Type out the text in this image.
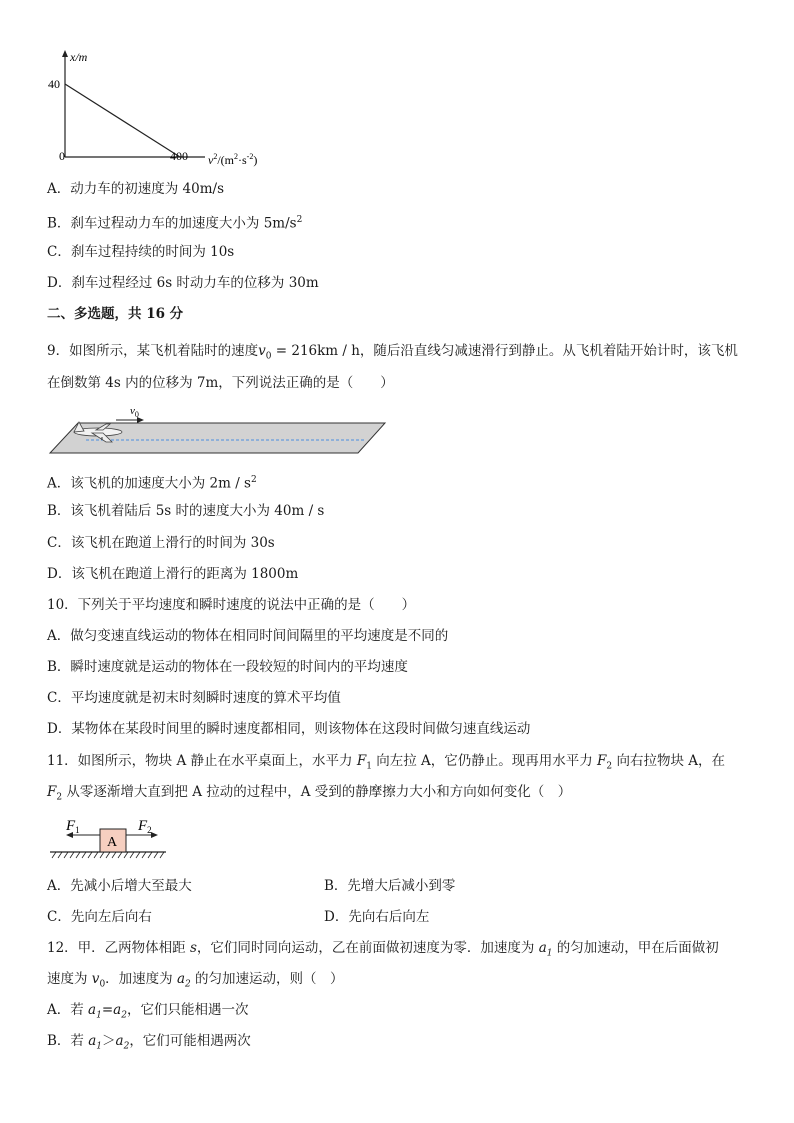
x/m
40
0	400 $v^2/(m^2\cdot s^{-2})$
A．动力车的初速度为 40m/s
B．刹车过程动力车的加速度大小为 $5m/s^2$
C．刹车过程持续的时间为 10s
D．刹车过程经过 6s 时动力车的位移为 30m
二、多选题，共 16 分
9．如图所示，某飞机着陆时的速度$v_0 = 216km / h$，随后沿直线匀减速滑行到静止。从飞机着陆开始计时，该飞机
在倒数第 4s 内的位移为 7m，下列说法正确的是（　　）
$v_0$
A．该飞机的加速度大小为 $2m / s^2$
B．该飞机着陆后 5s 时的速度大小为 40m / s
C．该飞机在跑道上滑行的时间为 30s
D．该飞机在跑道上滑行的距离为 1800m
10．下列关于平均速度和瞬时速度的说法中正确的是（　　）
A．做匀变速直线运动的物体在相同时间间隔里的平均速度是不同的
B．瞬时速度就是运动的物体在一段较短的时间内的平均速度
C．平均速度就是初末时刻瞬时速度的算术平均值
D．某物体在某段时间里的瞬时速度都相同，则该物体在这段时间做匀速直线运动
11．如图所示，物块 A 静止在水平桌面上，水平力 $F_1$ 向左拉 A，它仍静止。现再用水平力 $F_2$ 向右拉物块 A，在
$F_2$ 从零逐渐增大直到把 A 拉动的过程中，A 受到的静摩擦力大小和方向如何变化（　）
A
$F_1$	$F_2$
A．先减小后增大至最大	B．先增大后减小到零
C．先向左后向右	D．先向右后向左
12．甲．乙两物体相距 s，它们同时同向运动，乙在前面做初速度为零．加速度为 $a_1$ 的匀加速动，甲在后面做初
速度为 $v_0$．加速度为 $a_2$ 的匀加速运动，则（　）
A．若 $a_1=a_2$，它们只能相遇一次
B．若 $a_1>a_2$，它们可能相遇两次
